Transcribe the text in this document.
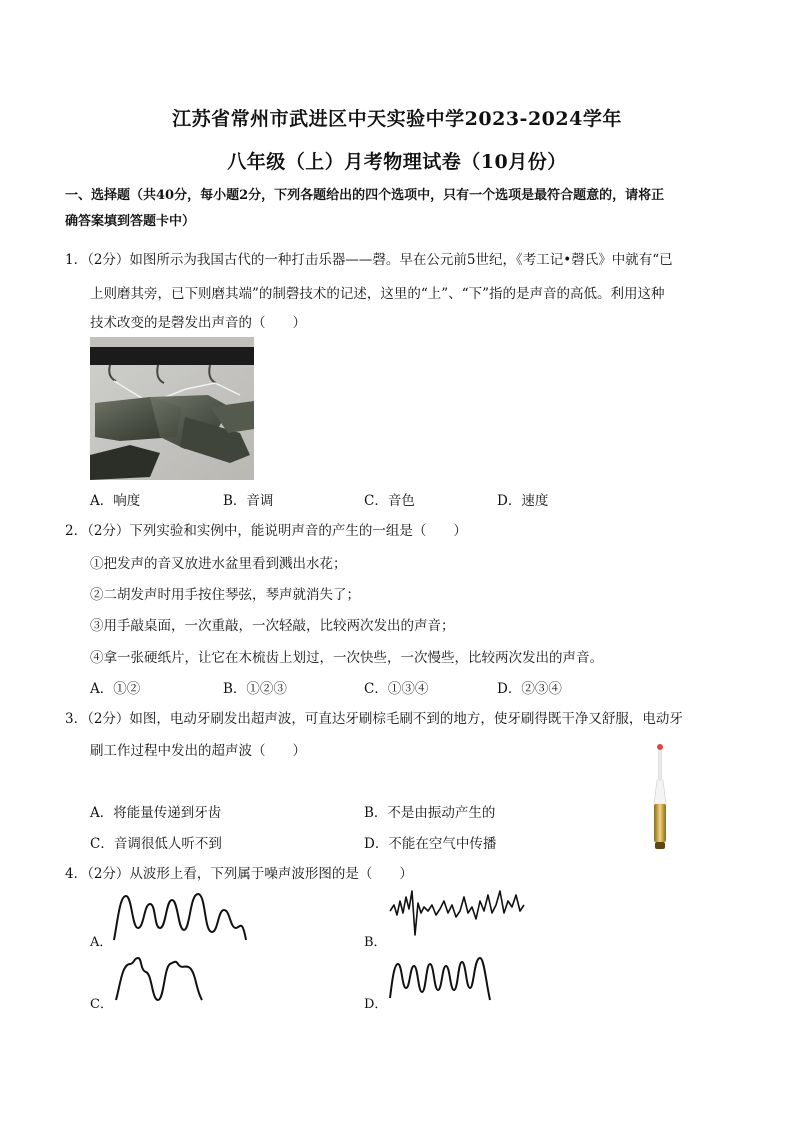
江苏省常州市武进区中天实验中学2023-2024学年
八年级（上）月考物理试卷（10月份）
一、选择题（共40分，每小题2分，下列各题给出的四个选项中，只有一个选项是最符合题意的，请将正
确答案填到答题卡中）
1．（2分）如图所示为我国古代的一种打击乐器——磬。早在公元前5世纪，《考工记•磬氏》中就有“已
上则磨其旁，已下则磨其端”的制磬技术的记述，这里的“上”、“下”指的是声音的高低。利用这种
技术改变的是磬发出声音的（　　）
A．响度	B．音调	C．音色	D．速度
2．（2分）下列实验和实例中，能说明声音的产生的一组是（　　）
①把发声的音叉放进水盆里看到溅出水花；
②二胡发声时用手按住琴弦，琴声就消失了；
③用手敲桌面，一次重敲，一次轻敲，比较两次发出的声音；
④拿一张硬纸片，让它在木梳齿上划过，一次快些，一次慢些，比较两次发出的声音。
A．①②	B．①②③	C．①③④	D．②③④
3．（2分）如图，电动牙刷发出超声波，可直达牙刷棕毛刷不到的地方，使牙刷得既干净又舒服，电动牙
刷工作过程中发出的超声波（　　）
A．将能量传递到牙齿	B．不是由振动产生的
C．音调很低人听不到	D．不能在空气中传播
4．（2分）从波形上看，下列属于噪声波形图的是（　　）
A．	B．
C．	D．
